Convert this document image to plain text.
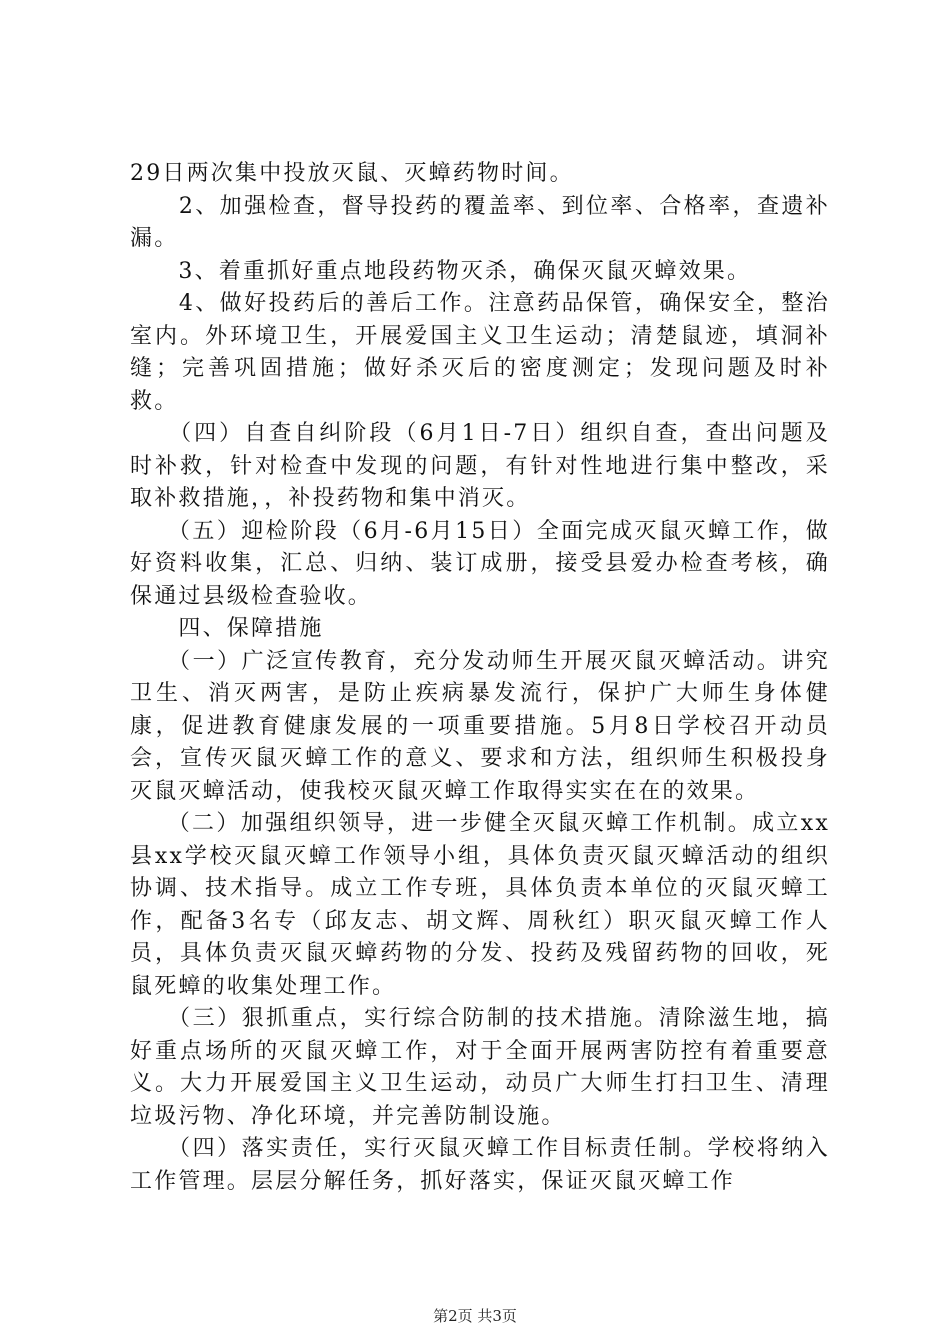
29日两次集中投放灭鼠、灭蟑药物时间。

　　2、加强检查，督导投药的覆盖率、到位率、合格率，查遗补漏。

　　3、着重抓好重点地段药物灭杀，确保灭鼠灭蟑效果。

　　4、做好投药后的善后工作。注意药品保管，确保安全，整治室内。外环境卫生，开展爱国主义卫生运动；清楚鼠迹，填洞补缝；完善巩固措施；做好杀灭后的密度测定；发现问题及时补救。

　　（四）自查自纠阶段（6月1日-7日）组织自查，查出问题及时补救，针对检查中发现的问题，有针对性地进行集中整改，采取补救措施，，补投药物和集中消灭。

　　（五）迎检阶段（6月-6月15日）全面完成灭鼠灭蟑工作，做好资料收集，汇总、归纳、装订成册，接受县爱办检查考核，确保通过县级检查验收。

　　四、保障措施

　　（一）广泛宣传教育，充分发动师生开展灭鼠灭蟑活动。讲究卫生、消灭两害，是防止疾病暴发流行，保护广大师生身体健康，促进教育健康发展的一项重要措施。5月8日学校召开动员会，宣传灭鼠灭蟑工作的意义、要求和方法，组织师生积极投身灭鼠灭蟑活动，使我校灭鼠灭蟑工作取得实实在在的效果。

　　（二）加强组织领导，进一步健全灭鼠灭蟑工作机制。成立xx县xx学校灭鼠灭蟑工作领导小组，具体负责灭鼠灭蟑活动的组织协调、技术指导。成立工作专班，具体负责本单位的灭鼠灭蟑工作，配备3名专（邱友志、胡文辉、周秋红）职灭鼠灭蟑工作人员，具体负责灭鼠灭蟑药物的分发、投药及残留药物的回收，死鼠死蟑的收集处理工作。

　　（三）狠抓重点，实行综合防制的技术措施。清除滋生地，搞好重点场所的灭鼠灭蟑工作，对于全面开展两害防控有着重要意义。大力开展爱国主义卫生运动，动员广大师生打扫卫生、清理垃圾污物、净化环境，并完善防制设施。

　　（四）落实责任，实行灭鼠灭蟑工作目标责任制。学校将纳入工作管理。层层分解任务，抓好落实，保证灭鼠灭蟑工作

第2页 共3页
